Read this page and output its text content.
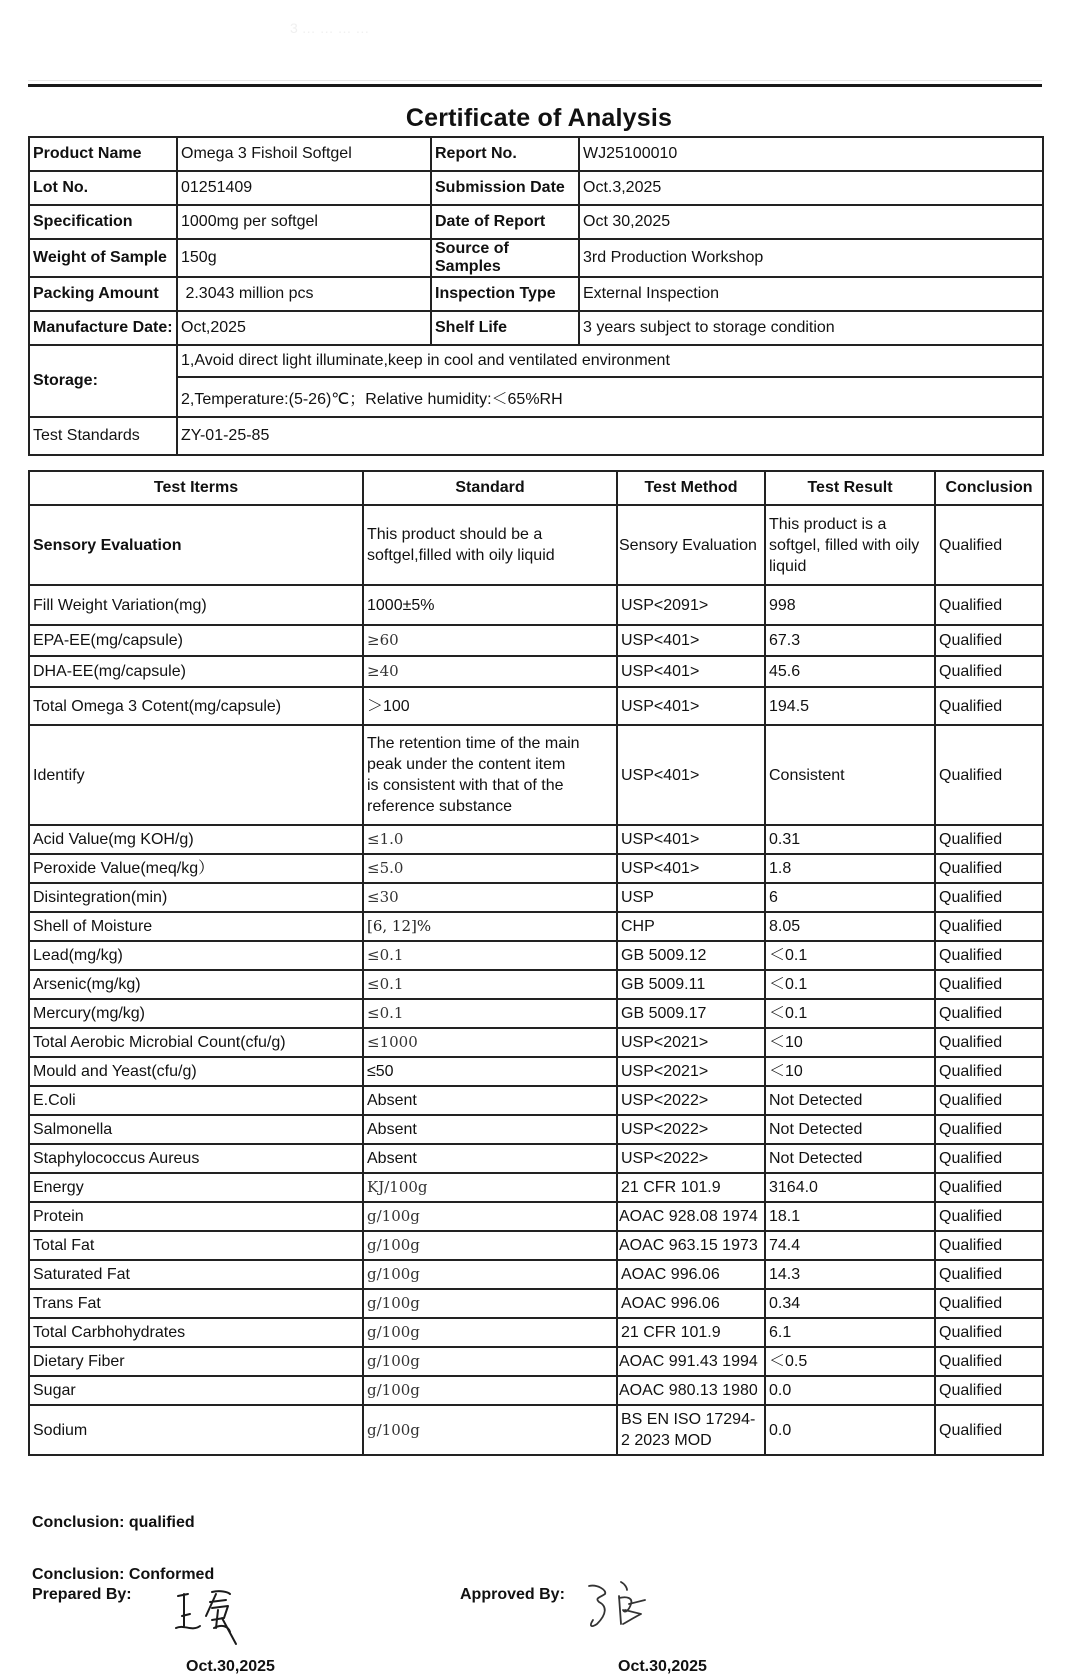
3 … … … …
Certificate of Analysis
Product Name	Omega 3 Fishoil Softgel	Report No.	WJ25100010
Lot No.	01251409	Submission Date	Oct.3,2025
Specification	1000mg per softgel	Date of Report	Oct 30,2025
Weight of Sample	150g	Source of Samples	3rd Production Workshop
Packing Amount	2.3043 million pcs	Inspection Type	External Inspection
Manufacture Date:	Oct,2025	Shelf Life	3 years subject to storage condition
Storage:	1,Avoid direct light illuminate,keep in cool and ventilated environment		
	2,Temperature:(5-26)℃；Relative humidity:＜65%RH		
Test Standards	ZY-01-25-85		
Test Iterms	Standard	Test Method	Test Result	Conclusion
Sensory Evaluation	This product should be a softgel,filled with oily liquid	Sensory Evaluation	This product is a softgel, filled with oily liquid	Qualified
Fill Weight Variation(mg)	1000±5%	USP<2091>	998	Qualified
EPA-EE(mg/capsule)	≥60	USP<401>	67.3	Qualified
DHA-EE(mg/capsule)	≥40	USP<401>	45.6	Qualified
Total Omega 3 Cotent(mg/capsule)	＞100	USP<401>	194.5	Qualified
Identify	The retention time of the main peak under the content item is consistent with that of the reference substance	USP<401>	Consistent	Qualified
Acid Value(mg KOH/g)	≤1.0	USP<401>	0.31	Qualified
Peroxide Value(meq/kg）	≤5.0	USP<401>	1.8	Qualified
Disintegration(min)	≤30	USP	6	Qualified
Shell of Moisture	[6, 12]%	CHP	8.05	Qualified
Lead(mg/kg)	≤0.1	GB 5009.12	＜0.1	Qualified
Arsenic(mg/kg)	≤0.1	GB 5009.11	＜0.1	Qualified
Mercury(mg/kg)	≤0.1	GB 5009.17	＜0.1	Qualified
Total Aerobic Microbial Count(cfu/g)	≤1000	USP<2021>	＜10	Qualified
Mould and Yeast(cfu/g)	≤50	USP<2021>	＜10	Qualified
E.Coli	Absent	USP<2022>	Not Detected	Qualified
Salmonella	Absent	USP<2022>	Not Detected	Qualified
Staphylococcus Aureus	Absent	USP<2022>	Not Detected	Qualified
Energy	KJ/100g	21 CFR 101.9	3164.0	Qualified
Protein	g/100g	AOAC 928.08 1974	18.1	Qualified
Total Fat	g/100g	AOAC 963.15 1973	74.4	Qualified
Saturated Fat	g/100g	AOAC 996.06	14.3	Qualified
Trans Fat	g/100g	AOAC 996.06	0.34	Qualified
Total Carbhohydrates	g/100g	21 CFR 101.9	6.1	Qualified
Dietary Fiber	g/100g	AOAC 991.43 1994	＜0.5	Qualified
Sugar	g/100g	AOAC 980.13 1980	0.0	Qualified
Sodium	g/100g	BS EN ISO 17294-2 2023 MOD	0.0	Qualified
Conclusion: qualified
Conclusion: Conformed
Prepared By:	Approved By:
Oct.30,2025	Oct.30,2025
